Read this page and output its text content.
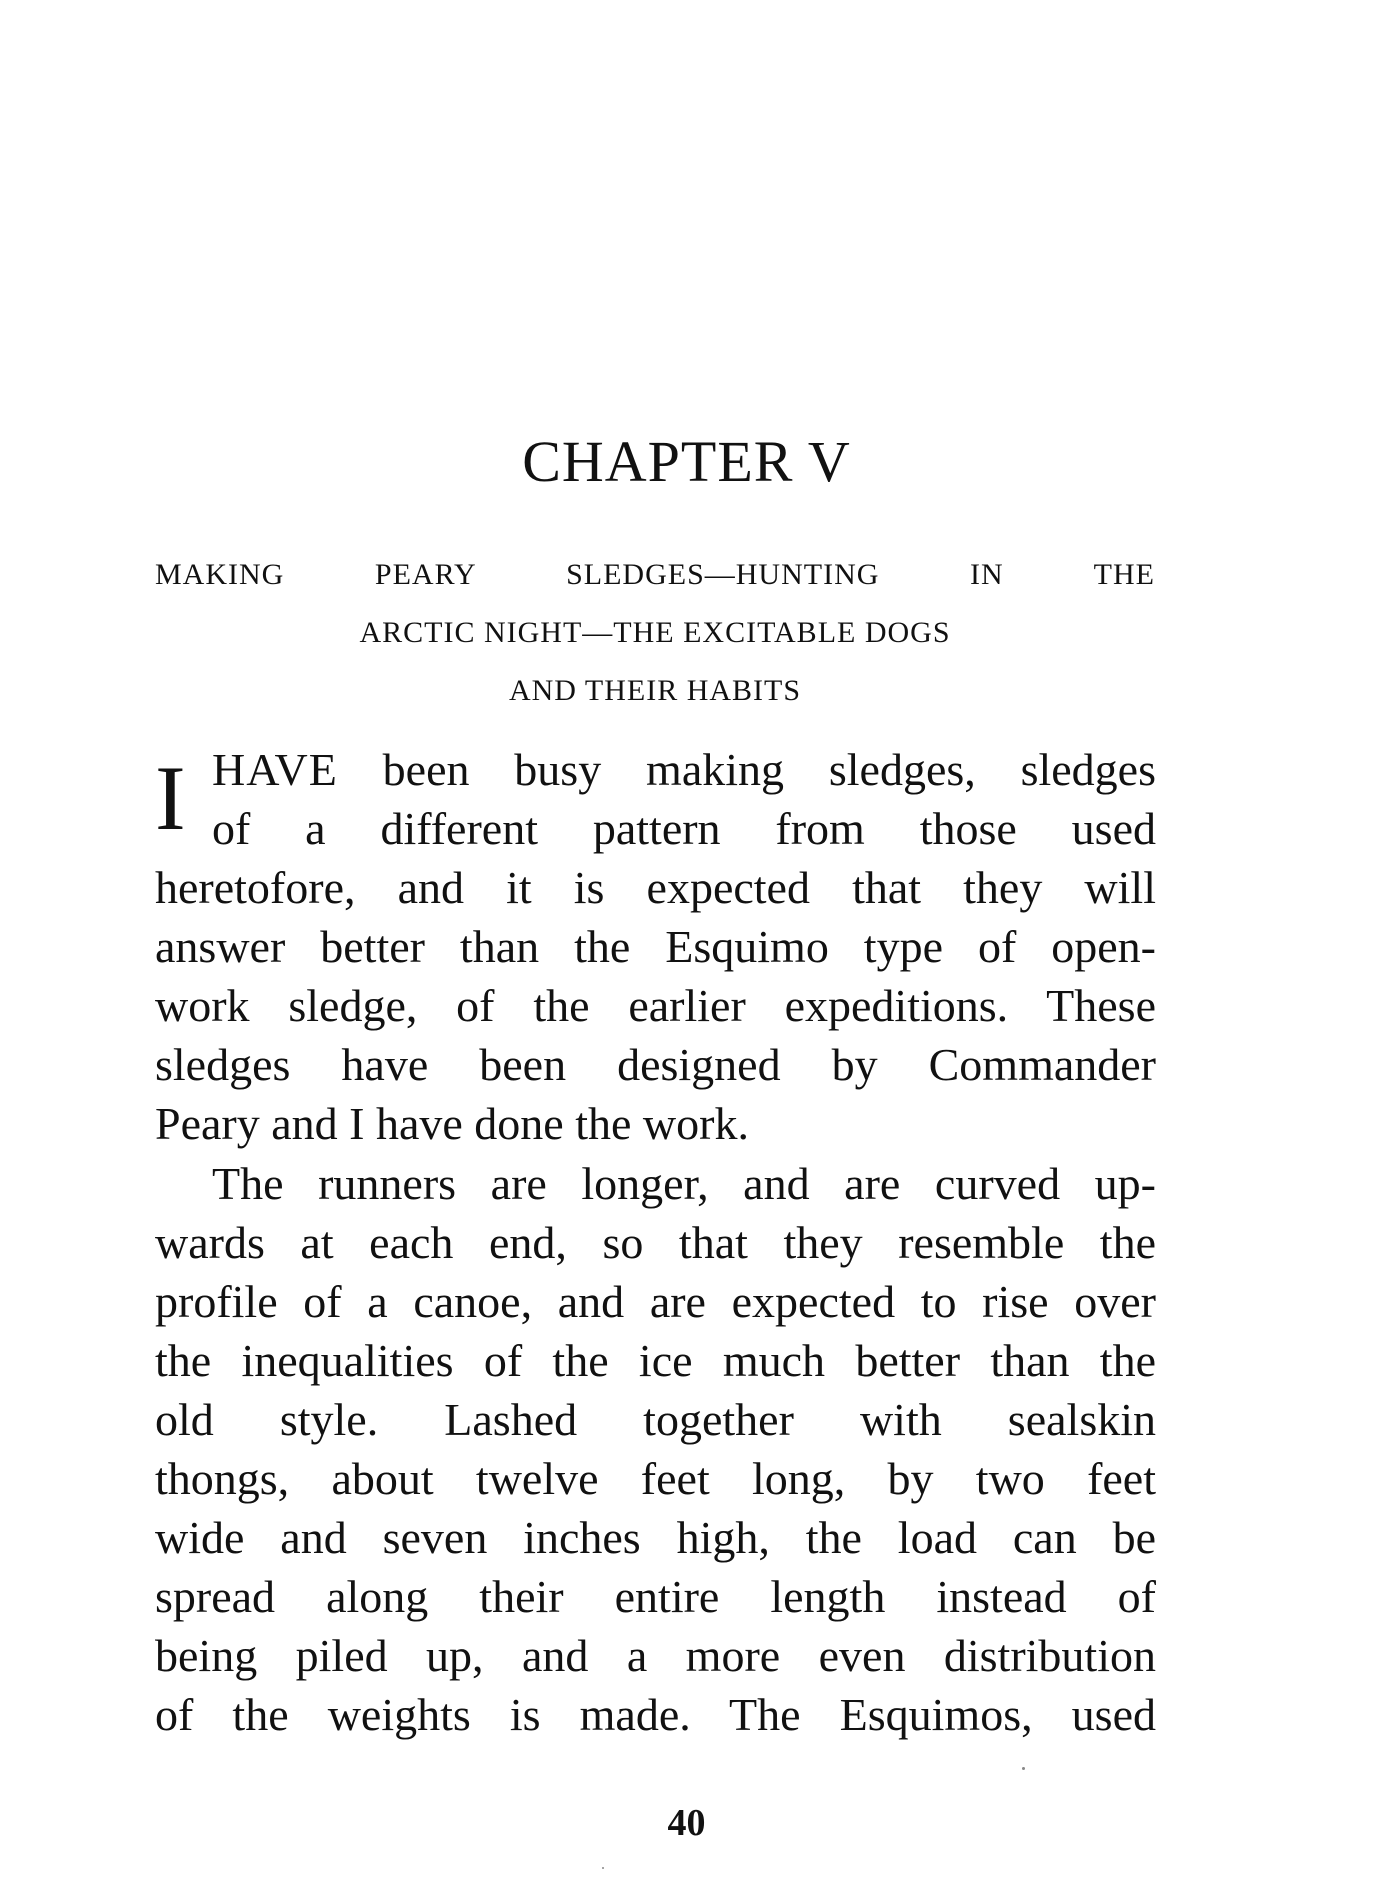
CHAPTER V
MAKING PEARY SLEDGES—HUNTING IN THE
ARCTIC NIGHT—THE EXCITABLE DOGS
AND THEIR HABITS
I HAVE been busy making sledges, sledges
of a different pattern from those used
heretofore, and it is expected that they will
answer better than the Esquimo type of open-
work sledge, of the earlier expeditions. These
sledges have been designed by Commander
Peary and I have done the work.
The runners are longer, and are curved up-
wards at each end, so that they resemble the
profile of a canoe, and are expected to rise over
the inequalities of the ice much better than the
old style. Lashed together with sealskin
thongs, about twelve feet long, by two feet
wide and seven inches high, the load can be
spread along their entire length instead of
being piled up, and a more even distribution
of the weights is made. The Esquimos, used
40
